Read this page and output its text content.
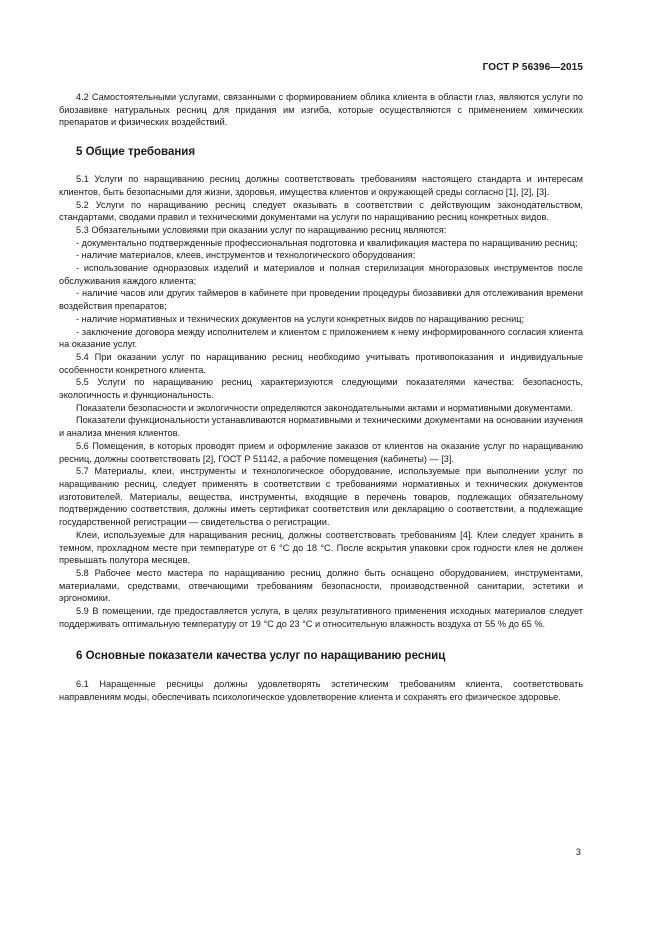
ГОСТ Р 56396—2015

4.2 Самостоятельными услугами, связанными с формированием облика клиента в области глаз, являются услуги по биозавивке натуральных ресниц для придания им изгиба, которые осуществляются с применением химических препаратов и физических воздействий.

5 Общие требования

5.1 Услуги по наращиванию ресниц должны соответствовать требованиям настоящего стандарта и интересам клиентов, быть безопасными для жизни, здоровья, имущества клиентов и окружающей среды согласно [1], [2], [3].

5.2 Услуги по наращиванию ресниц следует оказывать в соответствии с действующим законодательством, стандартами, сводами правил и техническими документами на услуги по наращиванию ресниц конкретных видов.

5.3 Обязательными условиями при оказании услуг по наращиванию ресниц являются:

- документально подтвержденные профессиональная подготовка и квалификация мастера по наращиванию ресниц;

- наличие материалов, клеев, инструментов и технологического оборудования;

- использование одноразовых изделий и материалов и полная стерилизация многоразовых инструментов после обслуживания каждого клиента;

- наличие часов или других таймеров в кабинете при проведении процедуры биозавивки для отслеживания времени воздействия препаратов;

- наличие нормативных и технических документов на услуги конкретных видов по наращиванию ресниц;

- заключение договора между исполнителем и клиентом с приложением к нему информированного согласия клиента на оказание услуг.

5.4 При оказании услуг по наращиванию ресниц необходимо учитывать противопоказания и индивидуальные особенности конкретного клиента.

5.5 Услуги по наращиванию ресниц характеризуются следующими показателями качества: безопасность, экологичность и функциональность.

Показатели безопасности и экологичности определяются законодательными актами и нормативными документами.

Показатели функциональности устанавливаются нормативными и техническими документами на основании изучения и анализа мнения клиентов.

5.6 Помещения, в которых проводят прием и оформление заказов от клиентов на оказание услуг по наращиванию ресниц, должны соответствовать [2], ГОСТ Р 51142, а рабочие помещения (кабинеты) — [3].

5.7 Материалы, клеи, инструменты и технологическое оборудование, используемые при выполнении услуг по наращиванию ресниц, следует применять в соответствии с требованиями нормативных и технических документов изготовителей. Материалы, вещества, инструменты, входящие в перечень товаров, подлежащих обязательному подтверждению соответствия, должны иметь сертификат соответствия или декларацию о соответствии, а подлежащие государственной регистрации — свидетельства о регистрации.

Клеи, используемые для наращивания ресниц, должны соответствовать требованиям [4]. Клеи следует хранить в темном, прохладном месте при температуре от 6 °С до 18 °С. После вскрытия упаковки срок годности клея не должен превышать полутора месяцев.

5.8 Рабочее место мастера по наращиванию ресниц должно быть оснащено оборудованием, инструментами, материалами, средствами, отвечающими требованиям безопасности, производственной санитарии, эстетики и эргономики.

5.9 В помещении, где предоставляется услуга, в целях результативного применения исходных материалов следует поддерживать оптимальную температуру от 19 °С до 23 °С и относительную влажность воздуха от 55 % до 65 %.

6 Основные показатели качества услуг по наращиванию ресниц

6.1 Наращенные ресницы должны удовлетворять эстетическим требованиям клиента, соответствовать направлениям моды, обеспечивать психологическое удовлетворение клиента и сохранять его физическое здоровье.

3
